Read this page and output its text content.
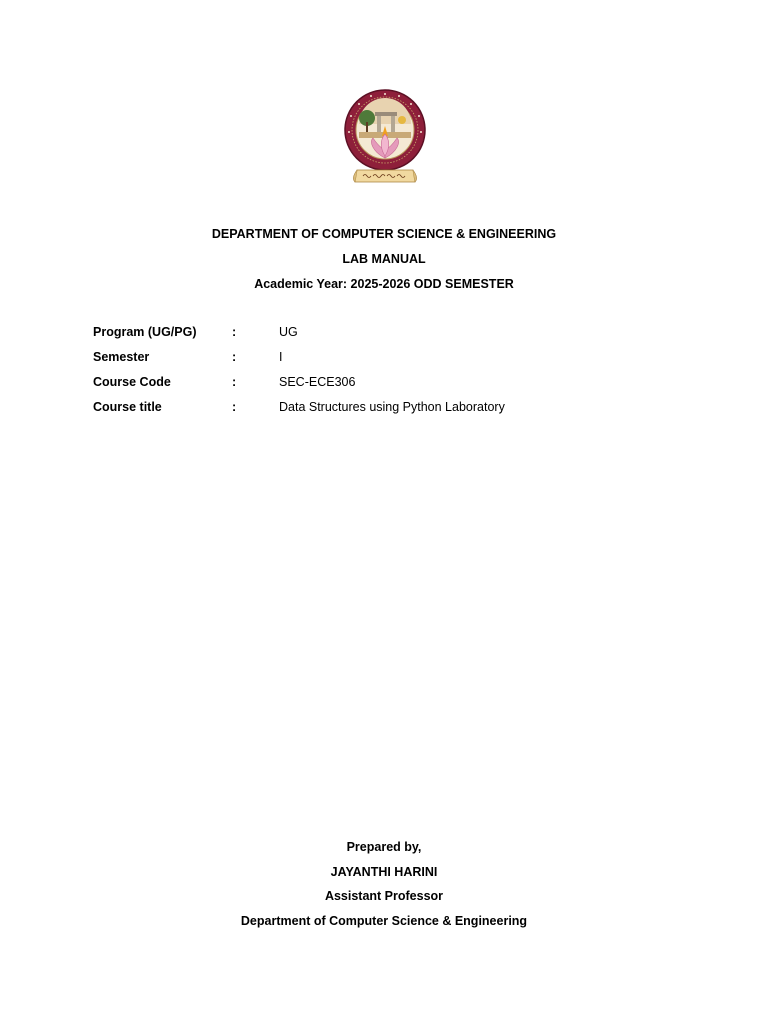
DEPARTMENT OF COMPUTER SCIENCE & ENGINEERING
LAB MANUAL
Academic Year: 2025-2026 ODD SEMESTER
Program (UG/PG)	:	UG
Semester	:	I
Course Code	:	SEC-ECE306
Course title	:	Data Structures using Python Laboratory
Prepared by,
JAYANTHI HARINI
Assistant Professor
Department of Computer Science & Engineering
